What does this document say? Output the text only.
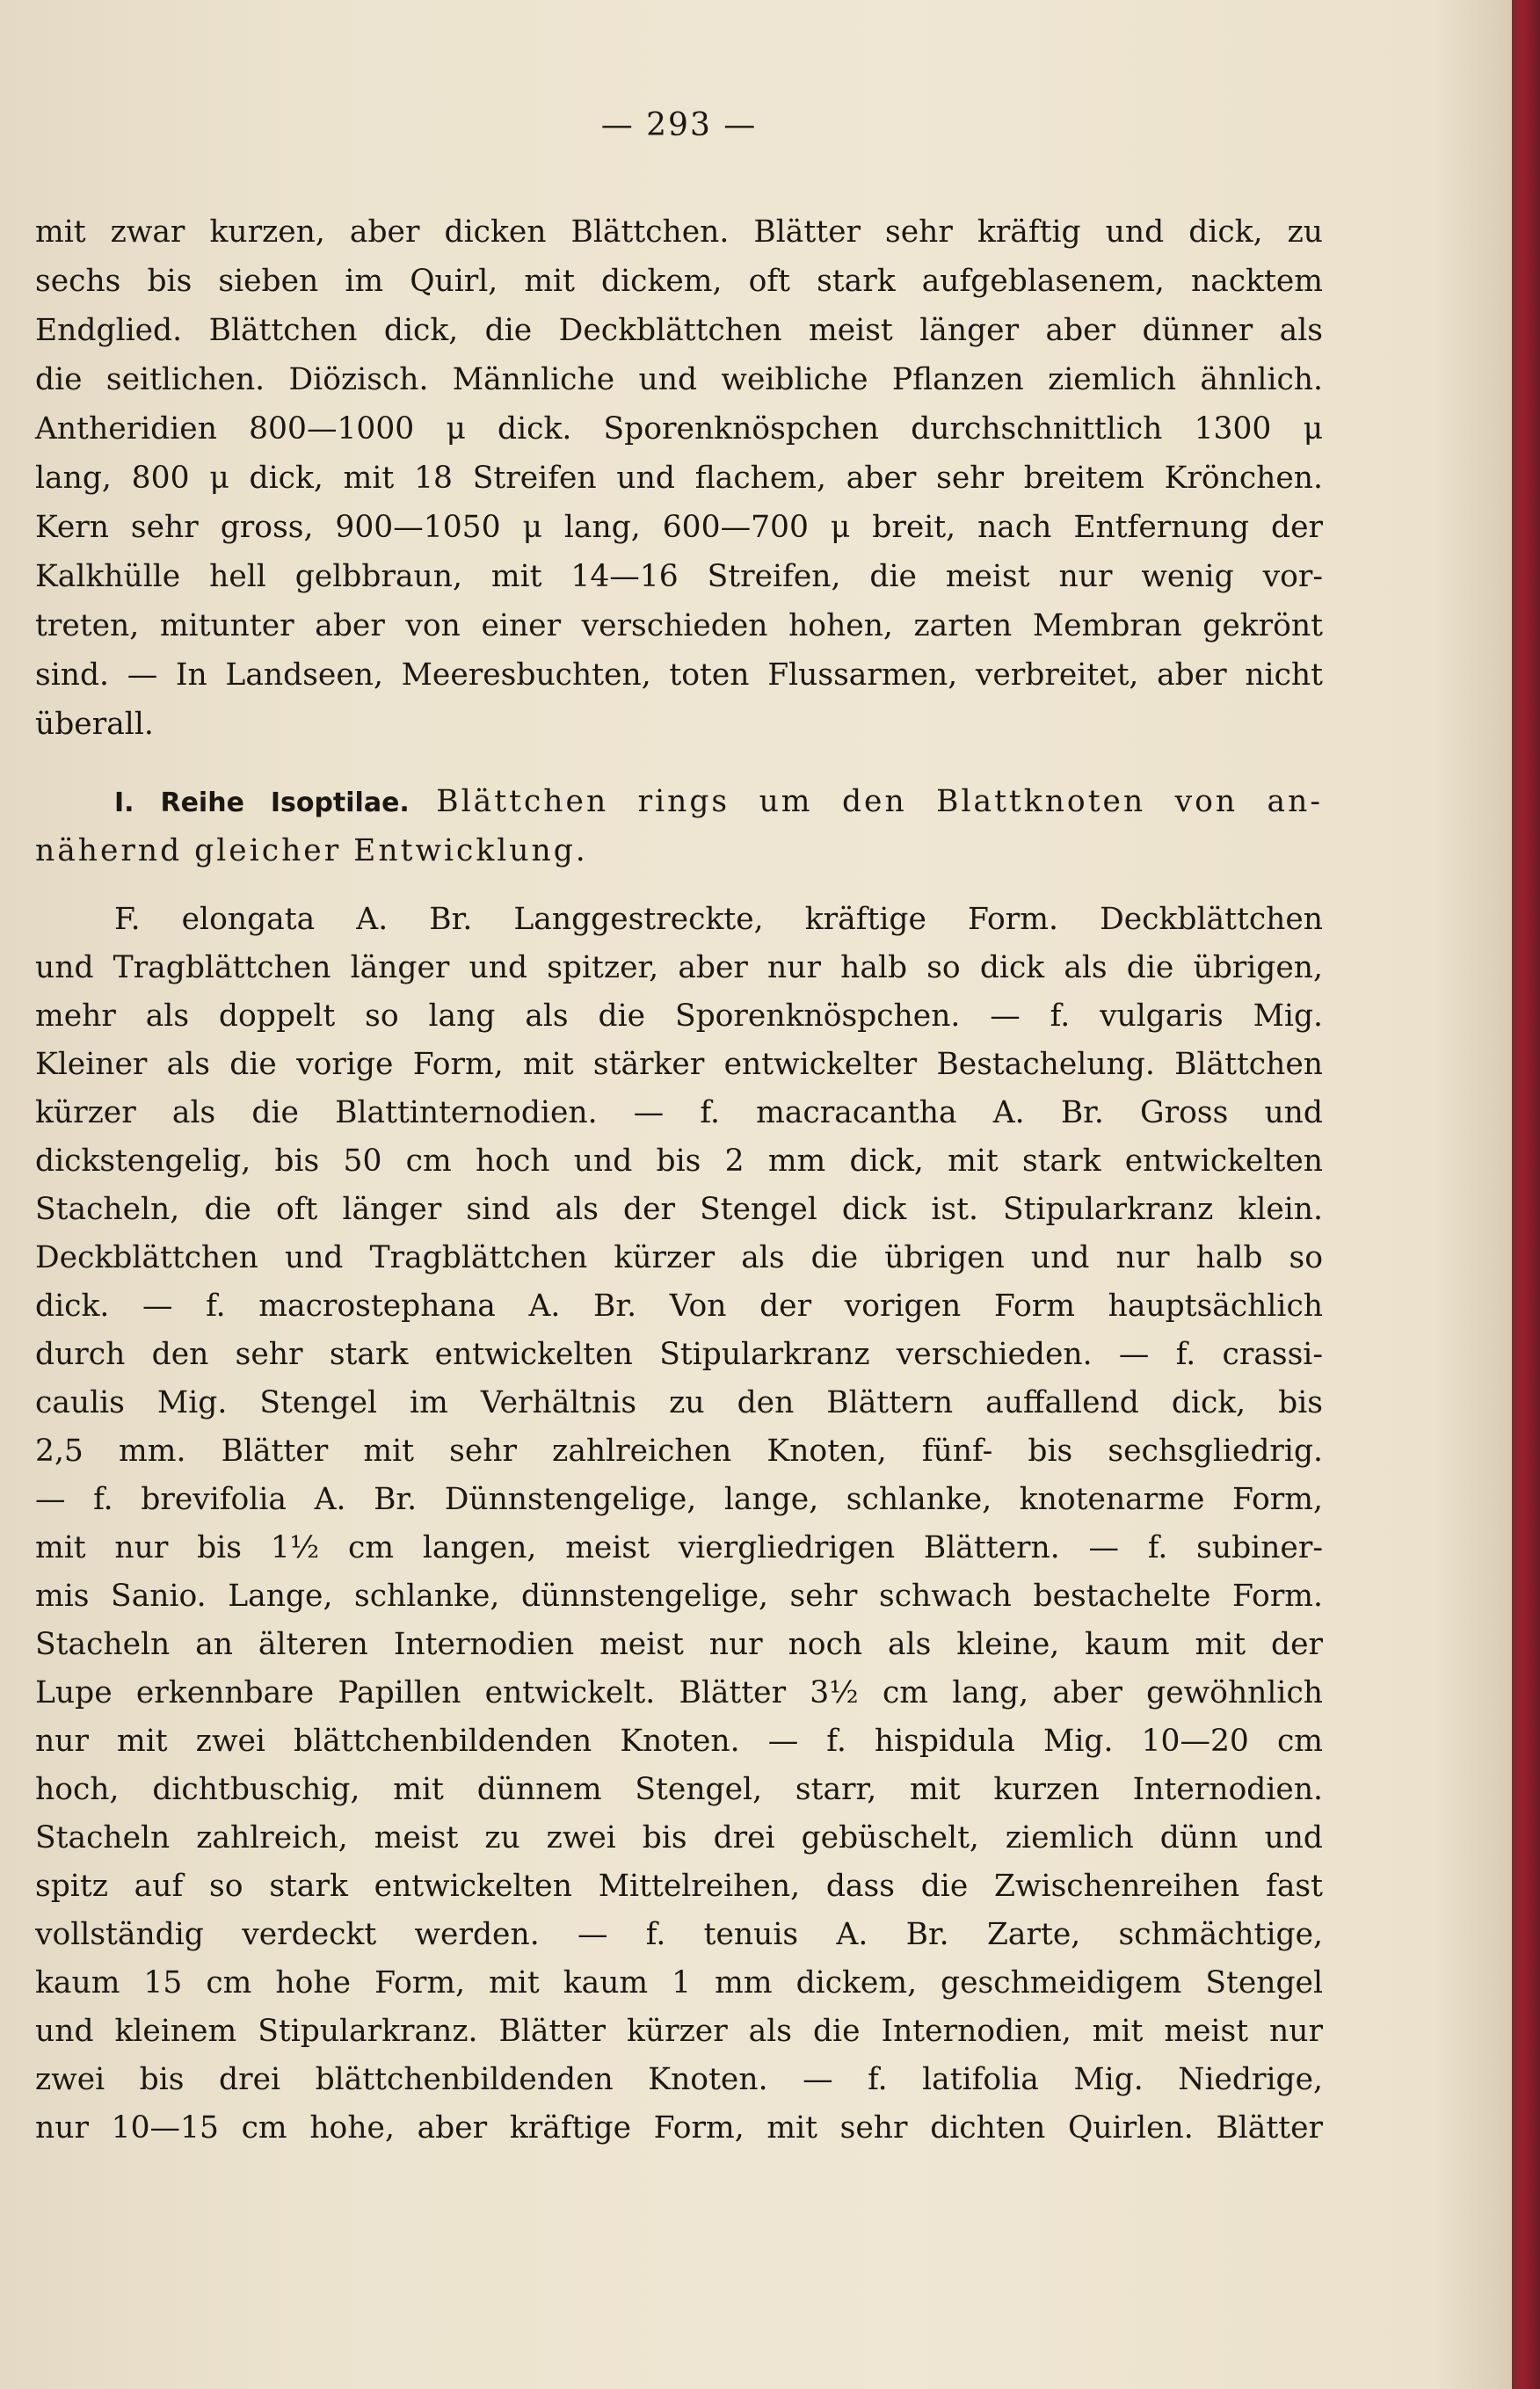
— 293 —
mit zwar kurzen, aber dicken Blättchen. Blätter sehr kräftig und dick, zu
sechs bis sieben im Quirl, mit dickem, oft stark aufgeblasenem, nacktem
Endglied. Blättchen dick, die Deckblättchen meist länger aber dünner als
die seitlichen. Diözisch. Männliche und weibliche Pflanzen ziemlich ähnlich.
Antheridien 800—1000 μ dick. Sporenknöspchen durchschnittlich 1300 μ
lang, 800 μ dick, mit 18 Streifen und flachem, aber sehr breitem Krönchen.
Kern sehr gross, 900—1050 μ lang, 600—700 μ breit, nach Entfernung der
Kalkhülle hell gelbbraun, mit 14—16 Streifen, die meist nur wenig vor-
treten, mitunter aber von einer verschieden hohen, zarten Membran gekrönt
sind. — In Landseen, Meeresbuchten, toten Flussarmen, verbreitet, aber nicht
überall.
I. Reihe Isoptilae. Blättchen rings um den Blattknoten von an-
nähernd gleicher Entwicklung.
F. elongata A. Br. Langgestreckte, kräftige Form. Deckblättchen
und Tragblättchen länger und spitzer, aber nur halb so dick als die übrigen,
mehr als doppelt so lang als die Sporenknöspchen. — f. vulgaris Mig.
Kleiner als die vorige Form, mit stärker entwickelter Bestachelung. Blättchen
kürzer als die Blattinternodien. — f. macracantha A. Br. Gross und
dickstengelig, bis 50 cm hoch und bis 2 mm dick, mit stark entwickelten
Stacheln, die oft länger sind als der Stengel dick ist. Stipularkranz klein.
Deckblättchen und Tragblättchen kürzer als die übrigen und nur halb so
dick. — f. macrostephana A. Br. Von der vorigen Form hauptsächlich
durch den sehr stark entwickelten Stipularkranz verschieden. — f. crassi-
caulis Mig. Stengel im Verhältnis zu den Blättern auffallend dick, bis
2,5 mm. Blätter mit sehr zahlreichen Knoten, fünf- bis sechsgliedrig.
— f. brevifolia A. Br. Dünnstengelige, lange, schlanke, knotenarme Form,
mit nur bis 1½ cm langen, meist viergliedrigen Blättern. — f. subiner-
mis Sanio. Lange, schlanke, dünnstengelige, sehr schwach bestachelte Form.
Stacheln an älteren Internodien meist nur noch als kleine, kaum mit der
Lupe erkennbare Papillen entwickelt. Blätter 3½ cm lang, aber gewöhnlich
nur mit zwei blättchenbildenden Knoten. — f. hispidula Mig. 10—20 cm
hoch, dichtbuschig, mit dünnem Stengel, starr, mit kurzen Internodien.
Stacheln zahlreich, meist zu zwei bis drei gebüschelt, ziemlich dünn und
spitz auf so stark entwickelten Mittelreihen, dass die Zwischenreihen fast
vollständig verdeckt werden. — f. tenuis A. Br. Zarte, schmächtige,
kaum 15 cm hohe Form, mit kaum 1 mm dickem, geschmeidigem Stengel
und kleinem Stipularkranz. Blätter kürzer als die Internodien, mit meist nur
zwei bis drei blättchenbildenden Knoten. — f. latifolia Mig. Niedrige,
nur 10—15 cm hohe, aber kräftige Form, mit sehr dichten Quirlen. Blätter
